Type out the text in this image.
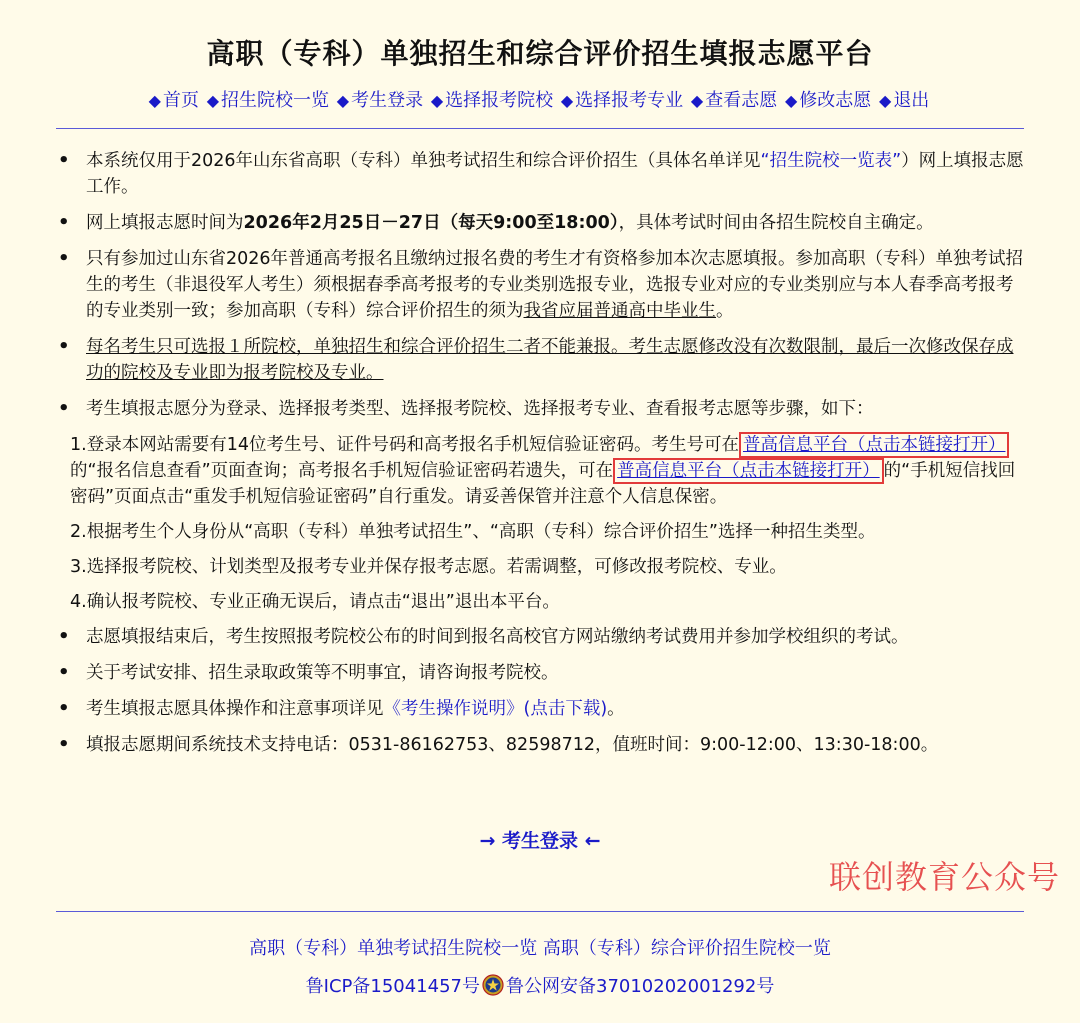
高职（专科）单独招生和综合评价招生填报志愿平台
◆ 首页 ◆ 招生院校一览 ◆ 考生登录 ◆ 选择报考院校 ◆ 选择报考专业 ◆ 查看志愿 ◆ 修改志愿 ◆ 退出
• 本系统仅用于2026年山东省高职（专科）单独考试招生和综合评价招生（具体名单详见“招生院校一览表”）网上填报志愿工作。
• 网上填报志愿时间为2026年2月25日－27日（每天9:00至18:00），具体考试时间由各招生院校自主确定。
• 只有参加过山东省2026年普通高考报名且缴纳过报名费的考生才有资格参加本次志愿填报。参加高职（专科）单独考试招生的考生（非退役军人考生）须根据春季高考报考的专业类别选报专业，选报专业对应的专业类别应与本人春季高考报考的专业类别一致；参加高职（专科）综合评价招生的须为我省应届普通高中毕业生。
• 每名考生只可选报１所院校，单独招生和综合评价招生二者不能兼报。考生志愿修改没有次数限制，最后一次修改保存成功的院校及专业即为报考院校及专业。
• 考生填报志愿分为登录、选择报考类型、选择报考院校、选择报考专业、查看报考志愿等步骤，如下：
1.登录本网站需要有14位考生号、证件号码和高考报名手机短信验证密码。考生号可在 普高信息平台（点击本链接打开）的“报名信息查看”页面查询；高考报名手机短信验证密码若遗失，可在 普高信息平台（点击本链接打开） 的“手机短信找回密码”页面点击“重发手机短信验证密码”自行重发。请妥善保管并注意个人信息保密。
2.根据考生个人身份从“高职（专科）单独考试招生”、“高职（专科）综合评价招生”选择一种招生类型。
3.选择报考院校、计划类型及报考专业并保存报考志愿。若需调整，可修改报考院校、专业。
4.确认报考院校、专业正确无误后，请点击“退出”退出本平台。
• 志愿填报结束后，考生按照报考院校公布的时间到报名高校官方网站缴纳考试费用并参加学校组织的考试。
• 关于考试安排、招生录取政策等不明事宜，请咨询报考院校。
• 考生填报志愿具体操作和注意事项详见《考生操作说明》(点击下载)。
• 填报志愿期间系统技术支持电话：0531-86162753、82598712，值班时间：9:00-12:00、13:30-18:00。
→ 考生登录 ←
联创教育公众号
高职（专科）单独考试招生院校一览 高职（专科）综合评价招生院校一览
鲁ICP备15041457号 鲁公网安备37010202001292号
